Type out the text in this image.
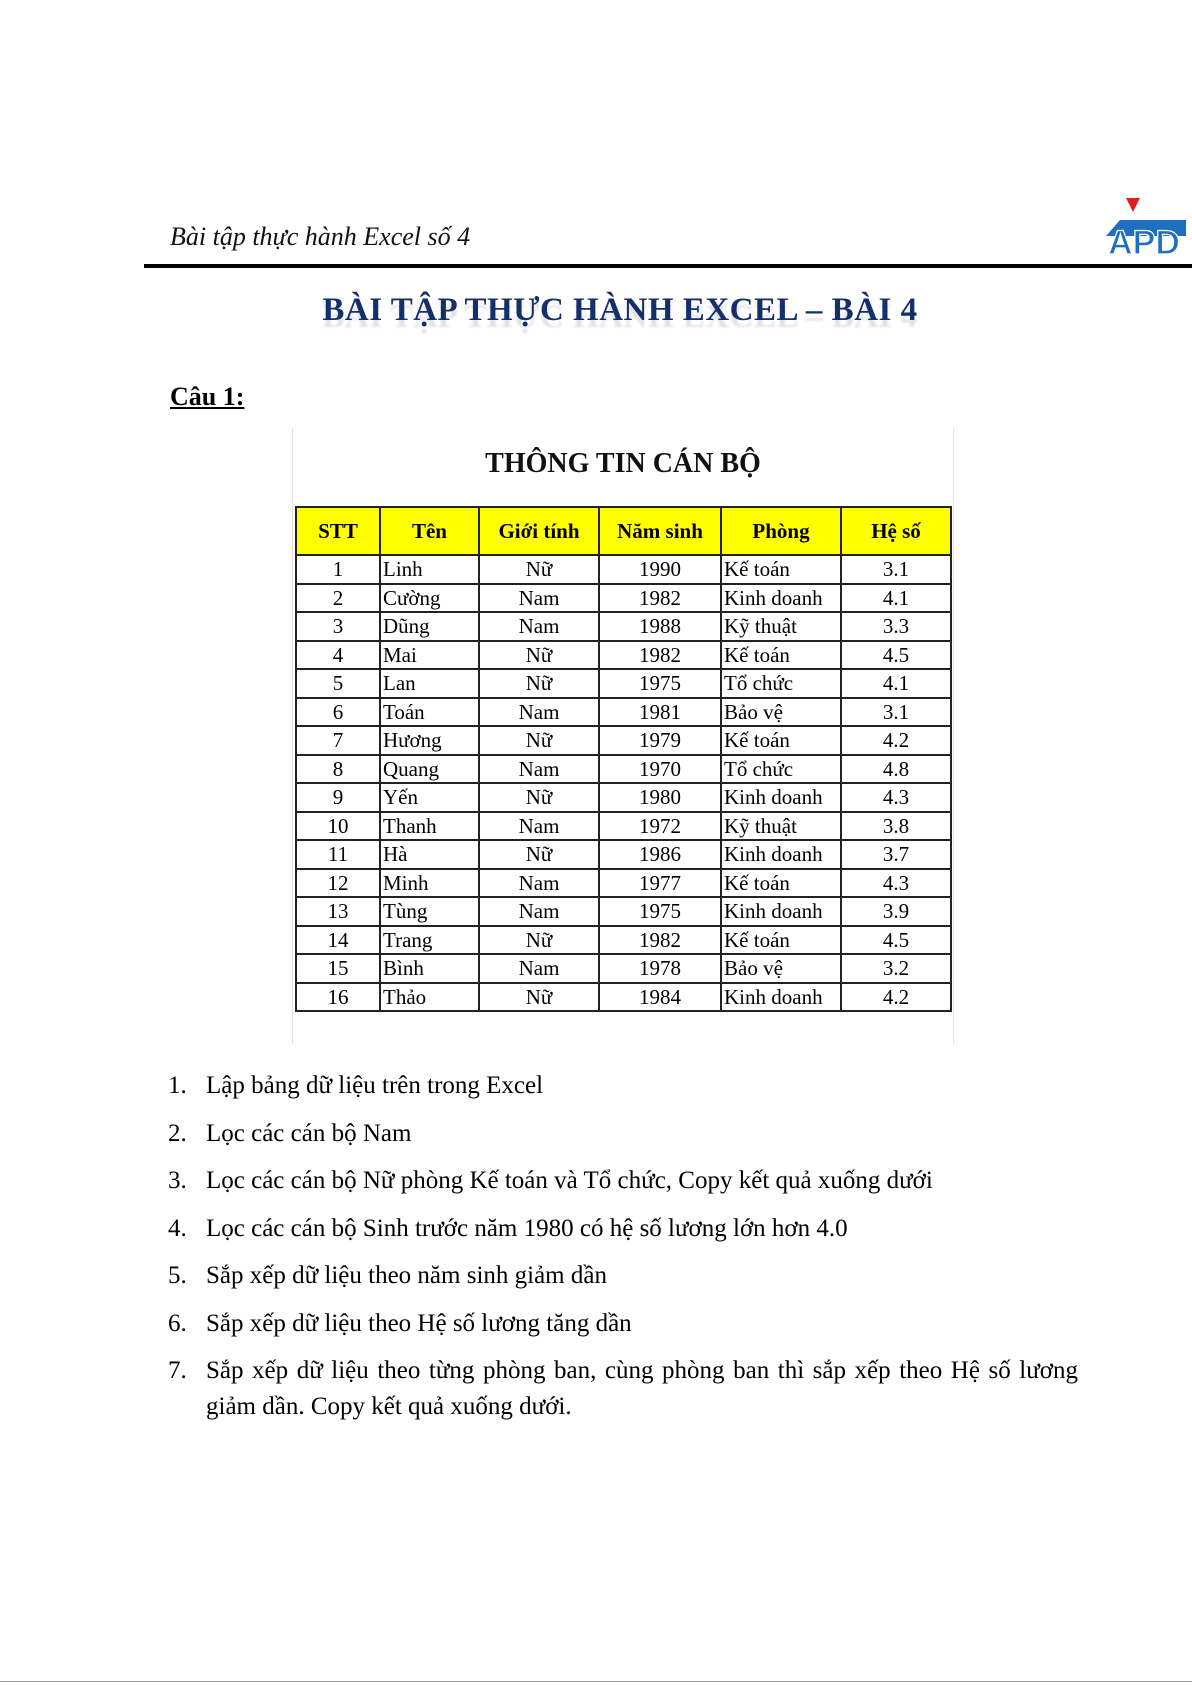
Bài tập thực hành Excel số 4	APD
BÀI TẬP THỰC HÀNH EXCEL – BÀI 4
Câu 1:
THÔNG TIN CÁN BỘ
STT	Tên	Giới tính	Năm sinh	Phòng	Hệ số
1	Linh	Nữ	1990	Kế toán	3.1
2	Cường	Nam	1982	Kinh doanh	4.1
3	Dũng	Nam	1988	Kỹ thuật	3.3
4	Mai	Nữ	1982	Kế toán	4.5
5	Lan	Nữ	1975	Tổ chức	4.1
6	Toán	Nam	1981	Bảo vệ	3.1
7	Hương	Nữ	1979	Kế toán	4.2
8	Quang	Nam	1970	Tổ chức	4.8
9	Yến	Nữ	1980	Kinh doanh	4.3
10	Thanh	Nam	1972	Kỹ thuật	3.8
11	Hà	Nữ	1986	Kinh doanh	3.7
12	Minh	Nam	1977	Kế toán	4.3
13	Tùng	Nam	1975	Kinh doanh	3.9
14	Trang	Nữ	1982	Kế toán	4.5
15	Bình	Nam	1978	Bảo vệ	3.2
16	Thảo	Nữ	1984	Kinh doanh	4.2
1. Lập bảng dữ liệu trên trong Excel
2. Lọc các cán bộ Nam
3. Lọc các cán bộ Nữ phòng Kế toán và Tổ chức, Copy kết quả xuống dưới
4. Lọc các cán bộ Sinh trước năm 1980 có hệ số lương lớn hơn 4.0
5. Sắp xếp dữ liệu theo năm sinh giảm dần
6. Sắp xếp dữ liệu theo Hệ số lương tăng dần
7. Sắp xếp dữ liệu theo từng phòng ban, cùng phòng ban thì sắp xếp theo Hệ số lương giảm dần. Copy kết quả xuống dưới.
